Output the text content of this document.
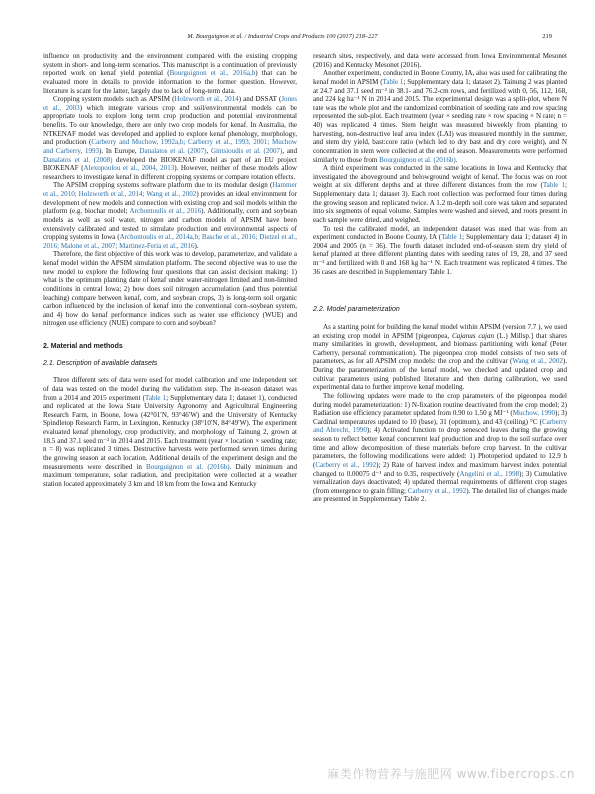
M. Bourguignon et al. / Industrial Crops and Products 100 (2017) 218–227	219

influence on productivity and the environment compared with the existing cropping system in short- and long-term scenarios. This manuscript is a continuation of previously reported work on kenaf yield potential (Bourguignon et al., 2016a,b) that can be evaluated more in details to provide information to the former question. However, literature is scant for the latter, largely due to lack of long-term data.

Cropping system models such as APSIM (Holzworth et al., 2014) and DSSAT (Jones et al., 2003) which integrate various crop and soil/environmental models can be appropriate tools to explore long term crop production and potential environmental benefits. To our knowledge, there are only two crop models for kenaf. In Australia, the NTKENAF model was developed and applied to explore kenaf phenology, morphology, and production (Carberry and Muchow, 1992a,b; Carberry et al., 1993, 2001; Muchow and Carberry, 1993). In Europe, Danalatos et al. (2007), Gintsioudis et al. (2007), and Danalatos et al. (2008) developed the BIOKENAF model as part of an EU project BIOKENAF (Alexopoulou et al., 2004, 2013). However, neither of these models allow researchers to investigate kenaf in different cropping systems or compare rotation effects.

The APSIM cropping systems software platform due to its modular design (Hammer et al., 2010; Holzworth et al., 2014; Wang et al., 2002) provides an ideal environment for development of new models and connection with existing crop and soil models within the platform (e.g. biochar model; Archontoulis et al., 2016). Additionally, corn and soybean models as well as soil water, nitrogen and carbon models of APSIM have been extensively calibrated and tested to simulate production and environmental aspects of cropping systems in Iowa (Archontoulis et al., 2014a,b; Basche et al., 2016; Dietzel et al., 2016; Malone et al., 2007; Martinez-Feria et al., 2016).

Therefore, the first objective of this work was to develop, parameterize, and validate a kenaf model within the APSIM simulation platform. The second objective was to use the new model to explore the following four questions that can assist decision making: 1) what is the optimum planting date of kenaf under water-nitrogen limited and non-limited conditions in central Iowa; 2) how does soil nitrogen accumulation (and thus potential leaching) compare between kenaf, corn, and soybean crops, 3) is long-term soil organic carbon influenced by the inclusion of kenaf into the conventional corn–soybean system, and 4) how do kenaf performance indices such as water use efficiency (WUE) and nitrogen use efficiency (NUE) compare to corn and soybean?

2. Material and methods
2.1. Description of available datasets

Three different sets of data were used for model calibration and one independent set of data was tested on the model during the validation step. The in-season dataset was from a 2014 and 2015 experiment (Table 1; Supplementary data 1; dataset 1), conducted and replicated at the Iowa State University Agronomy and Agricultural Engineering Research Farm, in Boone, Iowa (42°01′N, 93°46′W) and the University of Kentucky Spindletop Research Farm, in Lexington, Kentucky (38°10′N, 84°49′W). The experiment evaluated kenaf phenology, crop productivity, and morphology of Tainung 2, grown at 18.5 and 37.1 seed m⁻² in 2014 and 2015. Each treatment (year × location × seeding rate; n = 8) was replicated 3 times. Destructive harvests were performed seven times during the growing season at each location. Additional details of the experiment design and the measurements were described in Bourguignon et al. (2016b). Daily minimum and maximum temperature, solar radiation, and precipitation were collected at a weather station located approximately 3 km and 18 km from the Iowa and Kentucky

research sites, respectively, and data were accessed from Iowa Environmental Mesonet (2016) and Kentucky Mesonet (2016).

Another experiment, conducted in Boone County, IA, also was used for calibrating the kenaf model in APSIM (Table 1; Supplementary data 1; dataset 2). Tainung 2 was planted at 24.7 and 37.1 seed m⁻² in 38.1- and 76.2-cm rows, and fertilized with 0, 56, 112, 168, and 224 kg ha⁻¹ N in 2014 and 2015. The experimental design was a split-plot, where N rate was the whole plot and the randomized combination of seeding rate and row spacing represented the sub-plot. Each treatment (year × seeding rate × row spacing × N rate; n = 40) was replicated 4 times. Stem height was measured biweekly from planting to harvesting, non-destructive leaf area index (LAI) was measured monthly in the summer, and stem dry yield, bast:core ratio (which led to dry bast and dry core weight), and N concentration in stem were collected at the end of season. Measurements were performed similarly to those from Bourguignon et al. (2016b).

A third experiment was conducted in the same locations in Iowa and Kentucky that investigated the aboveground and belowground weight of kenaf. The focus was on root weight at six different depths and at three different distances from the row (Table 1; Supplementary data 1; dataset 3). Each root collection was performed four times during the growing season and replicated twice. A 1.2 m-depth soil core was taken and separated into six segments of equal volume. Samples were washed and sieved, and roots present in each sample were dried, and weighed.

To test the calibrated model, an independent dataset was used that was from an experiment conducted in Boone County, IA (Table 1; Supplementary data 1; dataset 4) in 2004 and 2005 (n = 36). The fourth dataset included end-of-season stem dry yield of kenaf planted at three different planting dates with seeding rates of 19, 28, and 37 seed m⁻² and fertilized with 0 and 168 kg ha⁻¹ N. Each treatment was replicated 4 times. The 36 cases are described in Supplementary Table 1.

2.2. Model parameterization

As a starting point for building the kenaf model within APSIM (version 7.7 ), we used an existing crop model in APSIM [pigeonpea, Cajanus cajan (L.) Millsp.] that shares many similarities in growth, development, and biomass partitioning with kenaf (Peter Carberry, personal communication). The pigeonpea crop model consists of two sets of parameters, as for all APSIM crop models: the crop and the cultivar (Wang et al., 2002). During the parameterization of the kenaf model, we checked and updated crop and cultivar parameters using published literature and then during calibration, we used experimental data to further improve kenaf modeling.

The following updates were made to the crop parameters of the pigeonpea model during model parameterization: 1) N-fixation routine deactivated from the crop model; 2) Radiation use efficiency parameter updated from 0.90 to 1.50 g MJ⁻¹ (Muchow, 1990); 3) Cardinal temperatures updated to 10 (base), 31 (optimum), and 43 (ceiling) °C (Carberry and Abrecht, 1990); 4) Activated function to drop senesced leaves during the growing season to reflect better kenaf concurrent leaf production and drop to the soil surface over time and allow decomposition of these materials before crop harvest. In the cultivar parameters, the following modifications were added: 1) Photoperiod updated to 12.9 h (Carberry et al., 1992); 2) Rate of harvest index and maximum harvest index potential changed to 0.00075 d⁻¹ and to 0.35, respectively (Angelini et al., 1998); 3) Cumulative vernalization days deactivated; 4) updated thermal requirements of different crop stages (from emergence to grain filling; Carberry et al., 1992). The detailed list of changes made are presented in Supplementary Table 2.

麻类作物营养与施肥网 www.fibercrops.cn
